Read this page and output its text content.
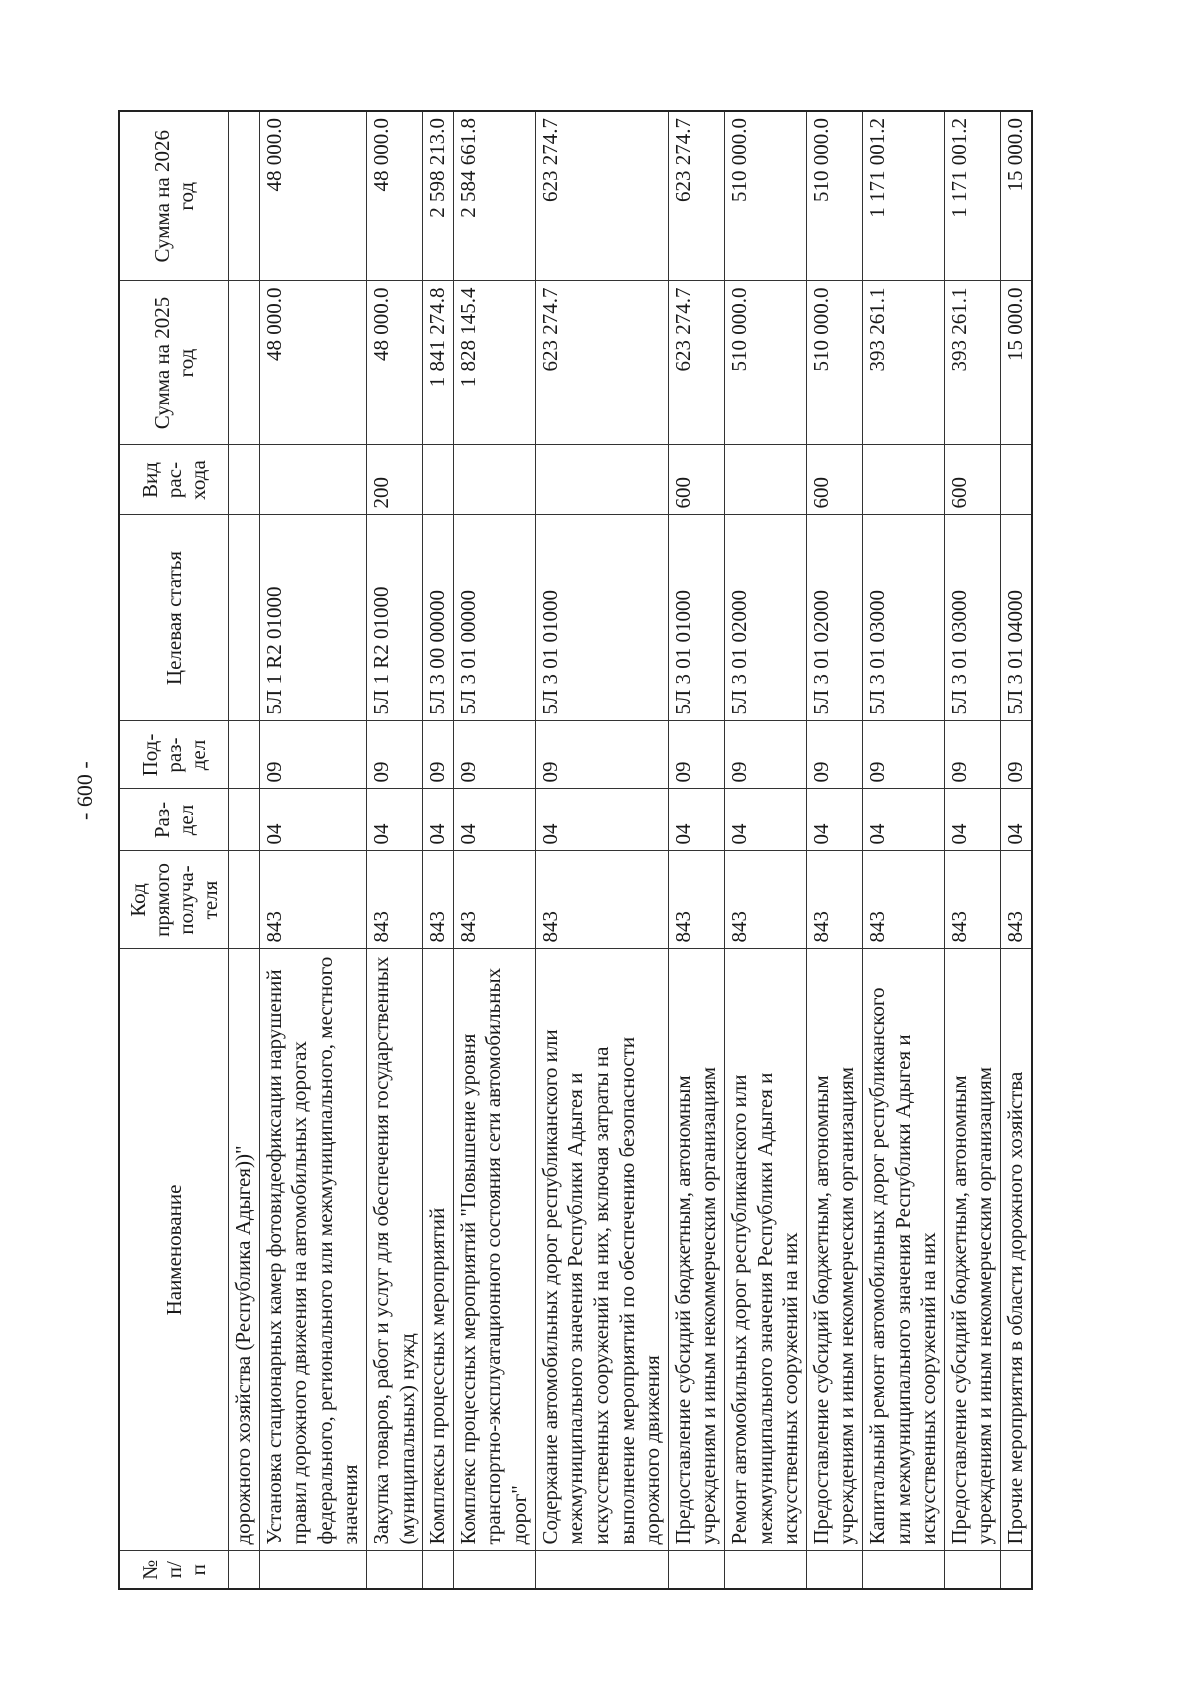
- 600 -
№ п/п	Наименование	Код прямого получа-теля	Раз-дел	Под-раз-дел	Целевая статья	Вид рас-хода	Сумма на 2025 год	Сумма на 2026 год
	дорожного хозяйства (Республика Адыгея))"							
	Установка стационарных камер фотовидеофиксации нарушений правил дорожного движения на автомобильных дорогах федерального, регионального или межмуниципального, местного значения	843	04	09	5Л 1 R2 01000		48 000.0	48 000.0
	Закупка товаров, работ и услуг для обеспечения государственных (муниципальных) нужд	843	04	09	5Л 1 R2 01000	200	48 000.0	48 000.0
	Комплексы процессных мероприятий	843	04	09	5Л 3 00 00000		1 841 274.8	2 598 213.0
	Комплекс процессных мероприятий "Повышение уровня транспортно-эксплуатационного состояния сети автомобильных дорог"	843	04	09	5Л 3 01 00000		1 828 145.4	2 584 661.8
	Содержание автомобильных дорог республиканского или межмуниципального значения Республики Адыгея и искусственных сооружений на них, включая затраты на выполнение мероприятий по обеспечению безопасности дорожного движения	843	04	09	5Л 3 01 01000		623 274.7	623 274.7
	Предоставление субсидий бюджетным, автономным учреждениям и иным некоммерческим организациям	843	04	09	5Л 3 01 01000	600	623 274.7	623 274.7
	Ремонт автомобильных дорог республиканского или межмуниципального значения Республики Адыгея и искусственных сооружений на них	843	04	09	5Л 3 01 02000		510 000.0	510 000.0
	Предоставление субсидий бюджетным, автономным учреждениям и иным некоммерческим организациям	843	04	09	5Л 3 01 02000	600	510 000.0	510 000.0
	Капитальный ремонт автомобильных дорог республиканского или межмуниципального значения Республики Адыгея и искусственных сооружений на них	843	04	09	5Л 3 01 03000		393 261.1	1 171 001.2
	Предоставление субсидий бюджетным, автономным учреждениям и иным некоммерческим организациям	843	04	09	5Л 3 01 03000	600	393 261.1	1 171 001.2
	Прочие мероприятия в области дорожного хозяйства	843	04	09	5Л 3 01 04000		15 000.0	15 000.0
